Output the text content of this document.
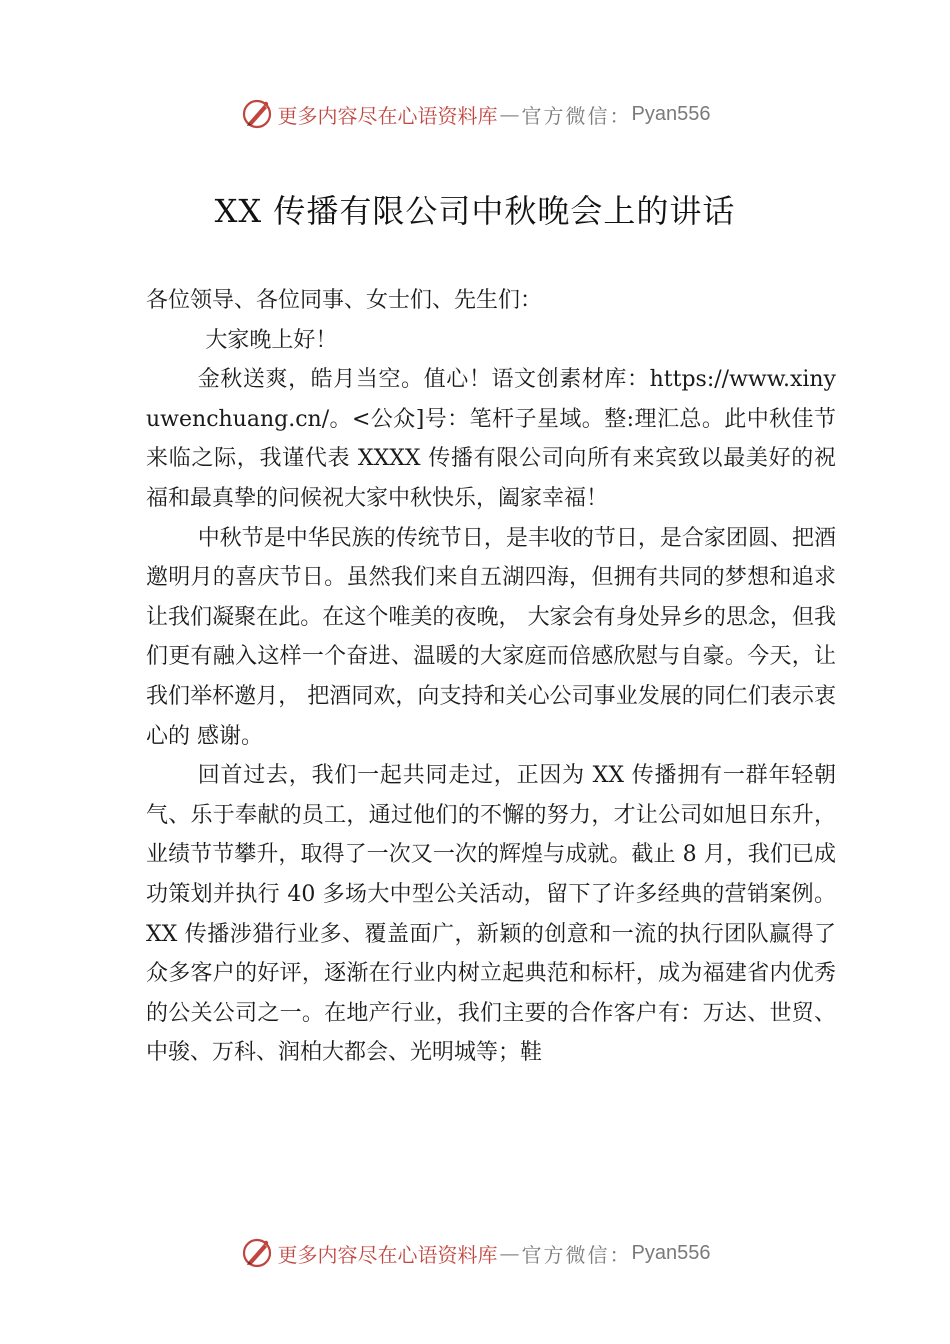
更多内容尽在心语资料库 — 官方微信： Pyan556
XX 传播有限公司中秋晚会上的讲话

各位领导、各位同事、女士们、先生们：

大家晚上好！

金秋送爽，皓月当空。值心！语文创素材库：https://www.xinyuwenchuang.cn/。<公众]号：笔杆子星域。整:理汇总。此中秋佳节来临之际，我谨代表 XXXX 传播有限公司向所有来宾致以最美好的祝福和最真挚的问候祝大家中秋快乐，阖家幸福！

中秋节是中华民族的传统节日，是丰收的节日，是合家团圆、把酒邀明月的喜庆节日。虽然我们来自五湖四海，但拥有共同的梦想和追求让我们凝聚在此。在这个唯美的夜晚， 大家会有身处异乡的思念，但我们更有融入这样一个奋进、温暖的大家庭而倍感欣慰与自豪。今天，让我们举杯邀月， 把酒同欢，向支持和关心公司事业发展的同仁们表示衷心的 感谢。

回首过去，我们一起共同走过，正因为 XX 传播拥有一群年轻朝气、乐于奉献的员工，通过他们的不懈的努力，才让公司如旭日东升，业绩节节攀升，取得了一次又一次的辉煌与成就。截止 8 月，我们已成功策划并执行 40 多场大中型公关活动，留下了许多经典的营销案例。XX 传播涉猎行业多、覆盖面广，新颖的创意和一流的执行团队赢得了众多客户的好评，逐渐在行业内树立起典范和标杆，成为福建省内优秀的公关公司之一。在地产行业，我们主要的合作客户有：万达、世贸、中骏、万科、润柏大都会、光明城等；鞋

更多内容尽在心语资料库 — 官方微信： Pyan556
